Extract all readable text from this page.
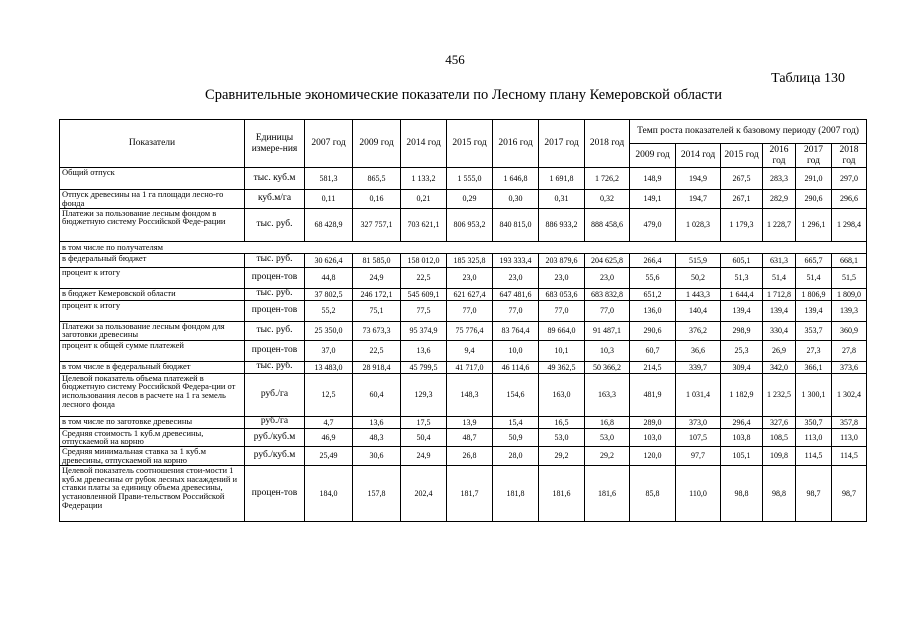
456
Таблица 130
Сравнительные экономические показатели по Лесному плану Кемеровской области
Показатели	Единицы измере-ния	2007 год	2009 год	2014 год	2015 год	2016 год	2017 год	2018 год	Темп роста показателей к базовому периоду (2007 год)					
									2009 год	2014 год	2015 год	2016 год	2017 год	2018 год
Общий отпуск	тыс. куб.м	581,3	865,5	1 133,2	1 555,0	1 646,8	1 691,8	1 726,2	148,9	194,9	267,5	283,3	291,0	297,0
Отпуск древесины на 1 га площади лесно-го фонда	куб.м/га	0,11	0,16	0,21	0,29	0,30	0,31	0,32	149,1	194,7	267,1	282,9	290,6	296,6
Платежи за пользование лесным фондом в бюджетную систему Российской Феде-рации	тыс. руб.	68 428,9	327 757,1	703 621,1	806 953,2	840 815,0	886 933,2	888 458,6	479,0	1 028,3	1 179,3	1 228,7	1 296,1	1 298,4
в том числе по получателям														
в федеральный бюджет	тыс. руб.	30 626,4	81 585,0	158 012,0	185 325,8	193 333,4	203 879,6	204 625,8	266,4	515,9	605,1	631,3	665,7	668,1
процент к итогу	процен-тов	44,8	24,9	22,5	23,0	23,0	23,0	23,0	55,6	50,2	51,3	51,4	51,4	51,5
в бюджет Кемеровской области	тыс. руб.	37 802,5	246 172,1	545 609,1	621 627,4	647 481,6	683 053,6	683 832,8	651,2	1 443,3	1 644,4	1 712,8	1 806,9	1 809,0
процент к итогу	процен-тов	55,2	75,1	77,5	77,0	77,0	77,0	77,0	136,0	140,4	139,4	139,4	139,4	139,3
Платежи за пользование лесным фондом для заготовки древесины	тыс. руб.	25 350,0	73 673,3	95 374,9	75 776,4	83 764,4	89 664,0	91 487,1	290,6	376,2	298,9	330,4	353,7	360,9
процент к общей сумме платежей	процен-тов	37,0	22,5	13,6	9,4	10,0	10,1	10,3	60,7	36,6	25,3	26,9	27,3	27,8
в том числе в федеральный бюджет	тыс. руб.	13 483,0	28 918,4	45 799,5	41 717,0	46 114,6	49 362,5	50 366,2	214,5	339,7	309,4	342,0	366,1	373,6
Целевой показатель объема платежей в бюджетную систему Российской Федера-ции от использования лесов в расчете на 1 га земель лесного фонда	руб./га	12,5	60,4	129,3	148,3	154,6	163,0	163,3	481,9	1 031,4	1 182,9	1 232,5	1 300,1	1 302,4
в том числе по заготовке древесины	руб./га	4,7	13,6	17,5	13,9	15,4	16,5	16,8	289,0	373,0	296,4	327,6	350,7	357,8
Средняя стоимость 1 куб.м древесины, отпускаемой на корню	руб./куб.м	46,9	48,3	50,4	48,7	50,9	53,0	53,0	103,0	107,5	103,8	108,5	113,0	113,0
Средняя минимальная ставка за 1 куб.м древесины, отпускаемой на корню	руб./куб.м	25,49	30,6	24,9	26,8	28,0	29,2	29,2	120,0	97,7	105,1	109,8	114,5	114,5
Целевой показатель соотношения стои-мости 1 куб.м древесины от рубок лесных насаждений и ставки платы за единицу объема древесины, установленной Прави-тельством Российской Федерации	процен-тов	184,0	157,8	202,4	181,7	181,8	181,6	181,6	85,8	110,0	98,8	98,8	98,7	98,7
